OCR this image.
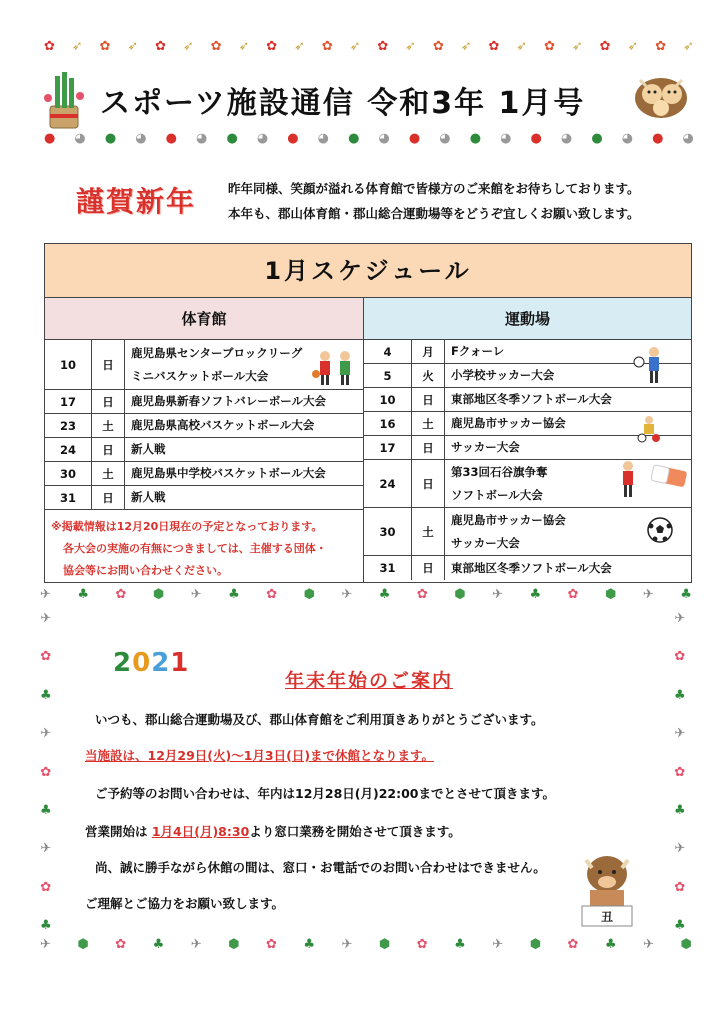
✿ ➶ ✿ ➶ ✿ ➶ ✿ ➶ ✿ ➶ ✿ ➶ ✿ ➶ ✿ ➶ ✿ ➶ ✿ ➶ ✿ ➶ ✿ ➶
● ◕ ● ◕ ● ◕ ● ◕ ● ◕ ● ◕ ● ◕ ● ◕ ● ◕ ● ◕ ● ◕
スポーツ施設通信 令和3年 1月号
謹賀新年	昨年同様、笑顔が溢れる体育館で皆様方のご来館をお待ちしております。
本年も、郡山体育館・郡山総合運動場等をどうぞ宜しくお願い致します。
1月スケジュール
体育館
10	日
鹿児島県センターブロックリーグ
ミニバスケットボール大会
17	日	鹿児島県新春ソフトバレーボール大会
23	土	鹿児島県高校バスケットボール大会
24	日	新人戦
30	土	鹿児島県中学校バスケットボール大会
31	日	新人戦
※掲載情報は12月20日現在の予定となっております。
各大会の実施の有無につきましては、主催する団体・
協会等にお問い合わせください。
運動場
4	月	Fクォーレ
5	火	小学校サッカー大会
10	日	東部地区冬季ソフトボール大会
16	土	鹿児島市サッカー協会
17	日	サッカー大会
24	日
第33回石谷旗争奪
ソフトボール大会
30	土
鹿児島市サッカー協会
サッカー大会
31	日	東部地区冬季ソフトボール大会
✈ ♣ ✿ ⬢ ✈ ♣ ✿ ⬢ ✈ ♣ ✿ ⬢ ✈ ♣ ✿ ⬢ ✈ ♣
✈ ⬢ ✿ ♣ ✈ ⬢ ✿ ♣ ✈ ⬢ ✿ ♣ ✈ ⬢ ✿ ♣ ✈ ⬢
✈
✿
♣
✈
✿
♣
✈
✿
♣
✈
✿
♣
✈
✿
♣
✈
✿
♣
2021
年末年始のご案内
いつも、郡山総合運動場及び、郡山体育館をご利用頂きありがとうございます。
当施設は、12月29日(火)～1月3日(日)まで休館となります。
ご予約等のお問い合わせは、年内は12月28日(月)22:00までとさせて頂きます。
営業開始は 1月4日(月)8:30より窓口業務を開始させて頂きます。
尚、誠に勝手ながら休館の間は、窓口・お電話でのお問い合わせはできません。
ご理解とご協力をお願い致します。
丑
